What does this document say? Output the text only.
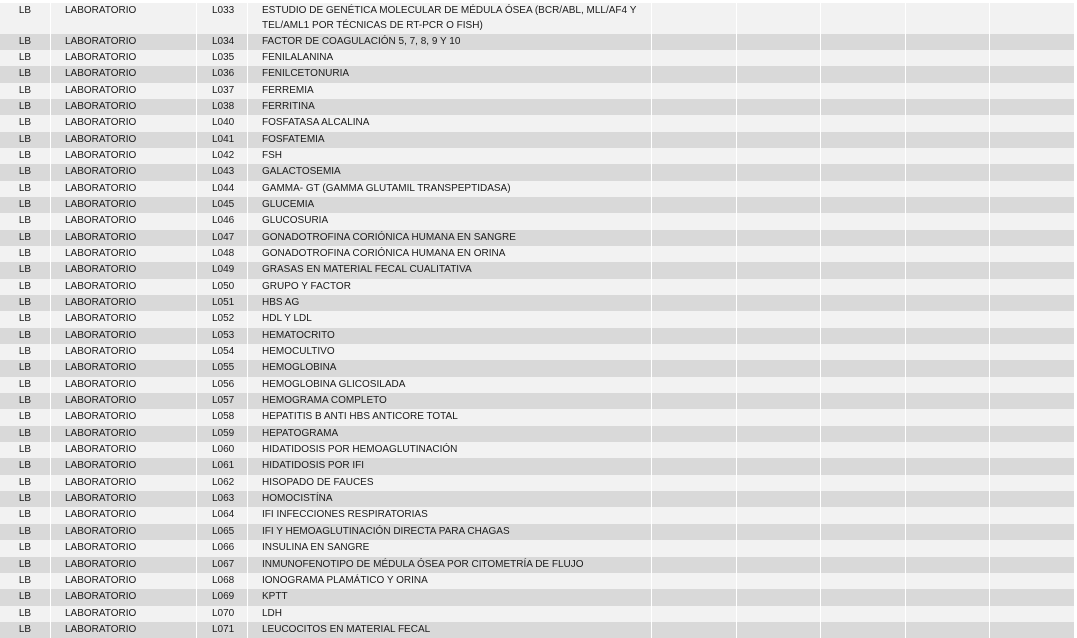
LB	LABORATORIO	L033	ESTUDIO DE GENÉTICA MOLECULAR DE MÉDULA ÓSEA (BCR/ABL, MLL/AF4 Y TEL/AML1 POR TÉCNICAS DE RT-PCR O FISH)					
LB	LABORATORIO	L034	FACTOR DE COAGULACIÓN 5, 7, 8, 9 Y 10					
LB	LABORATORIO	L035	FENILALANINA					
LB	LABORATORIO	L036	FENILCETONURIA					
LB	LABORATORIO	L037	FERREMIA					
LB	LABORATORIO	L038	FERRITINA					
LB	LABORATORIO	L040	FOSFATASA ALCALINA					
LB	LABORATORIO	L041	FOSFATEMIA					
LB	LABORATORIO	L042	FSH					
LB	LABORATORIO	L043	GALACTOSEMIA					
LB	LABORATORIO	L044	GAMMA- GT (GAMMA GLUTAMIL TRANSPEPTIDASA)					
LB	LABORATORIO	L045	GLUCEMIA					
LB	LABORATORIO	L046	GLUCOSURIA					
LB	LABORATORIO	L047	GONADOTROFINA CORIÓNICA HUMANA EN SANGRE					
LB	LABORATORIO	L048	GONADOTROFINA CORIÓNICA HUMANA EN ORINA					
LB	LABORATORIO	L049	GRASAS EN MATERIAL FECAL CUALITATIVA					
LB	LABORATORIO	L050	GRUPO Y FACTOR					
LB	LABORATORIO	L051	HBS AG					
LB	LABORATORIO	L052	HDL Y LDL					
LB	LABORATORIO	L053	HEMATOCRITO					
LB	LABORATORIO	L054	HEMOCULTIVO					
LB	LABORATORIO	L055	HEMOGLOBINA					
LB	LABORATORIO	L056	HEMOGLOBINA GLICOSILADA					
LB	LABORATORIO	L057	HEMOGRAMA COMPLETO					
LB	LABORATORIO	L058	HEPATITIS B ANTI HBS ANTICORE TOTAL					
LB	LABORATORIO	L059	HEPATOGRAMA					
LB	LABORATORIO	L060	HIDATIDOSIS POR HEMOAGLUTINACIÓN					
LB	LABORATORIO	L061	HIDATIDOSIS POR IFI					
LB	LABORATORIO	L062	HISOPADO DE FAUCES					
LB	LABORATORIO	L063	HOMOCISTÍNA					
LB	LABORATORIO	L064	IFI INFECCIONES RESPIRATORIAS					
LB	LABORATORIO	L065	IFI Y HEMOAGLUTINACIÓN DIRECTA PARA CHAGAS					
LB	LABORATORIO	L066	INSULINA EN SANGRE					
LB	LABORATORIO	L067	INMUNOFENOTIPO DE MÉDULA ÓSEA POR CITOMETRÍA DE FLUJO					
LB	LABORATORIO	L068	IONOGRAMA PLAMÁTICO Y ORINA					
LB	LABORATORIO	L069	KPTT					
LB	LABORATORIO	L070	LDH					
LB	LABORATORIO	L071	LEUCOCITOS EN MATERIAL FECAL					
